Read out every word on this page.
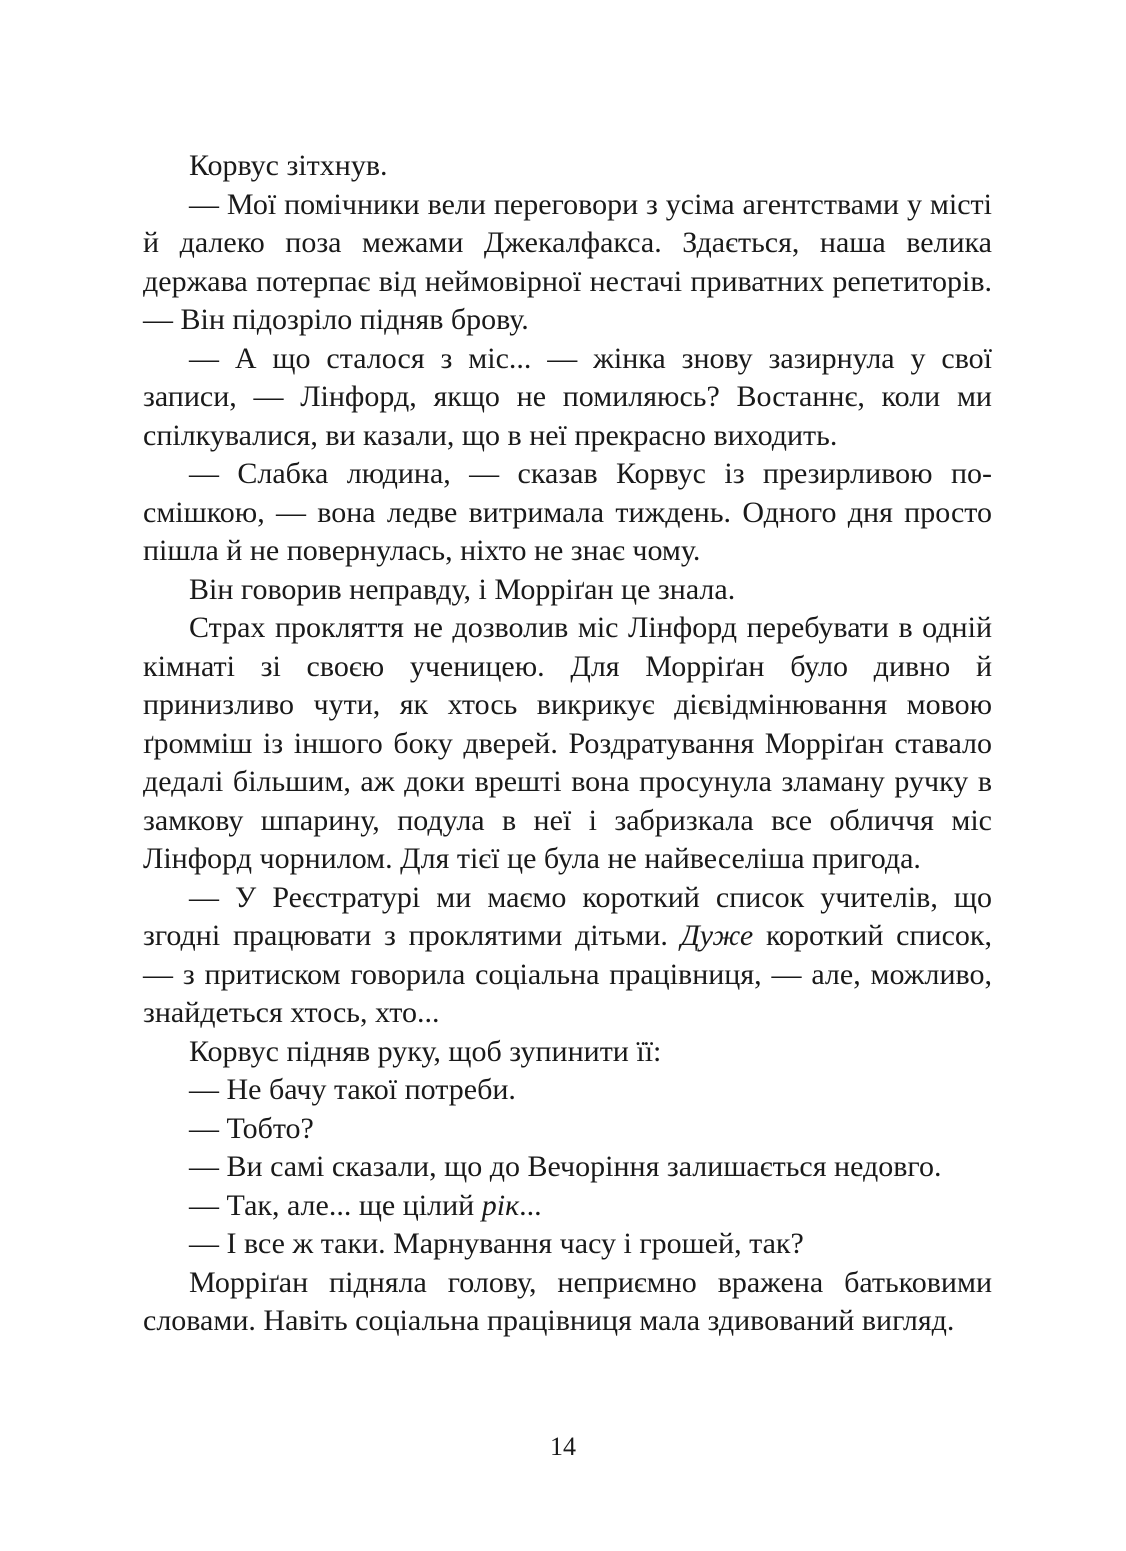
Корвус зітхнув.

— Мої помічники вели переговори з усіма агентствами у місті й далеко поза межами Джекалфакса. Здається, наша велика держава потерпає від неймовірної нестачі приватних репетиторів. — Він підозріло підняв брову.

— А що сталося з міс... — жінка знову зазирнула у свої записи, — Лінфорд, якщо не помиляюсь? Востаннє, коли ми спілкувалися, ви казали, що в неї прекрасно виходить.

— Слабка людина, — сказав Корвус із презирливою посмішкою, — вона ледве витримала тиждень. Одного дня просто пішла й не повернулась, ніхто не знає чому.

Він говорив неправду, і Морріґан це знала.

Страх прокляття не дозволив міс Лінфорд перебувати в одній кімнаті зі своєю ученицею. Для Морріґан було дивно й принизливо чути, як хтось викрикує дієвідмінювання мовою ґромміш із іншого боку дверей. Роздратування Морріґан ставало дедалі більшим, аж доки врешті вона просунула зламану ручку в замкову шпарину, подула в неї і забризкала все обличчя міс Лінфорд чорнилом. Для тієї це була не найвеселіша пригода.

— У Реєстратурі ми маємо короткий список учителів, що згодні працювати з проклятими дітьми. Дуже короткий список, — з притиском говорила соціальна працівниця, — але, можливо, знайдеться хтось, хто...

Корвус підняв руку, щоб зупинити її:

— Не бачу такої потреби.

— Тобто?

— Ви самі сказали, що до Вечоріння залишається недовго.

— Так, але... ще цілий рік...

— І все ж таки. Марнування часу і грошей, так?

Морріґан підняла голову, неприємно вражена батьковими словами. Навіть соціальна працівниця мала здивований вигляд.

14
